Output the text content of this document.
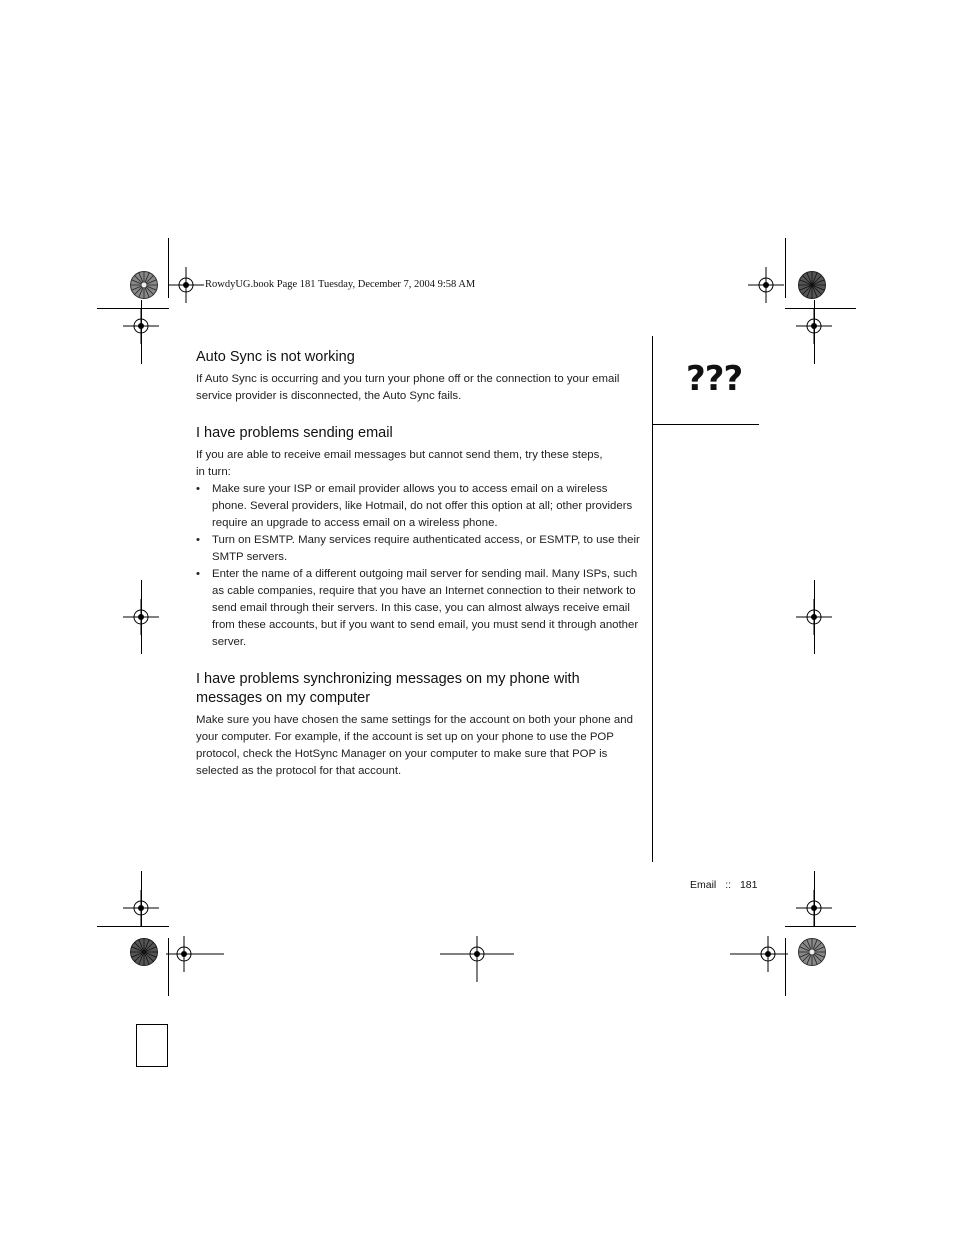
RowdyUG.book Page 181 Tuesday, December 7, 2004 9:58 AM
???
Auto Sync is not working

If Auto Sync is occurring and you turn your phone off or the connection to your email service provider is disconnected, the Auto Sync fails.

I have problems sending email

If you are able to receive email messages but cannot send them, try these steps,
in turn:

• Make sure your ISP or email provider allows you to access email on a wireless phone. Several providers, like Hotmail, do not offer this option at all; other providers require an upgrade to access email on a wireless phone.
• Turn on ESMTP. Many services require authenticated access, or ESMTP, to use their SMTP servers.
• Enter the name of a different outgoing mail server for sending mail. Many ISPs, such as cable companies, require that you have an Internet connection to their network to send email through their servers. In this case, you can almost always receive email from these accounts, but if you want to send email, you must send it through another server.
I have problems synchronizing messages on my phone with messages on my computer

Make sure you have chosen the same settings for the account on both your phone and your computer. For example, if the account is set up on your phone to use the POP protocol, check the HotSync Manager on your computer to make sure that POP is selected as the protocol for that account.

Email :: 181
